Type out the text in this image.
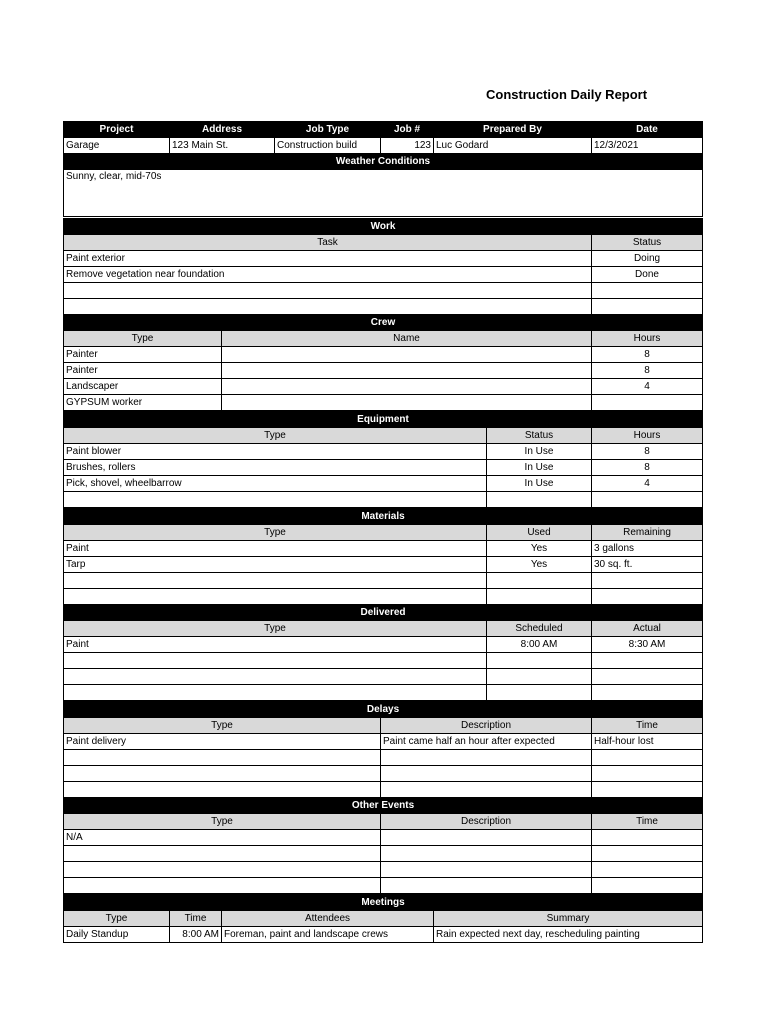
Construction Daily Report
Project	Address	Job Type	Job #	Prepared By	Date
Garage	123 Main St.	Construction build	123	Luc Godard	12/3/2021
Weather Conditions					
Sunny, clear, mid-70s					

Work	
Task	Status
Paint exterior	Doing
Remove vegetation near foundation	Done

Crew		
Type	Name	Hours
Painter		8
Painter		8
Landscaper		4
GYPSUM worker		
Equipment		
Type	Status	Hours
Paint blower	In Use	8
Brushes, rollers	In Use	8
Pick, shovel, wheelbarrow	In Use	4

Materials		
Type	Used	Remaining
Paint	Yes	3 gallons
Tarp	Yes	30 sq. ft.

Delivered		
Type	Scheduled	Actual
Paint	8:00 AM	8:30 AM

Delays		
Type	Description	Time
Paint delivery	Paint came half an hour after expected	Half-hour lost

Other Events		
Type	Description	Time
N/A		

Meetings			
Type	Time	Attendees	Summary
Daily Standup	8:00 AM	Foreman, paint and landscape crews	Rain expected next day, rescheduling painting
